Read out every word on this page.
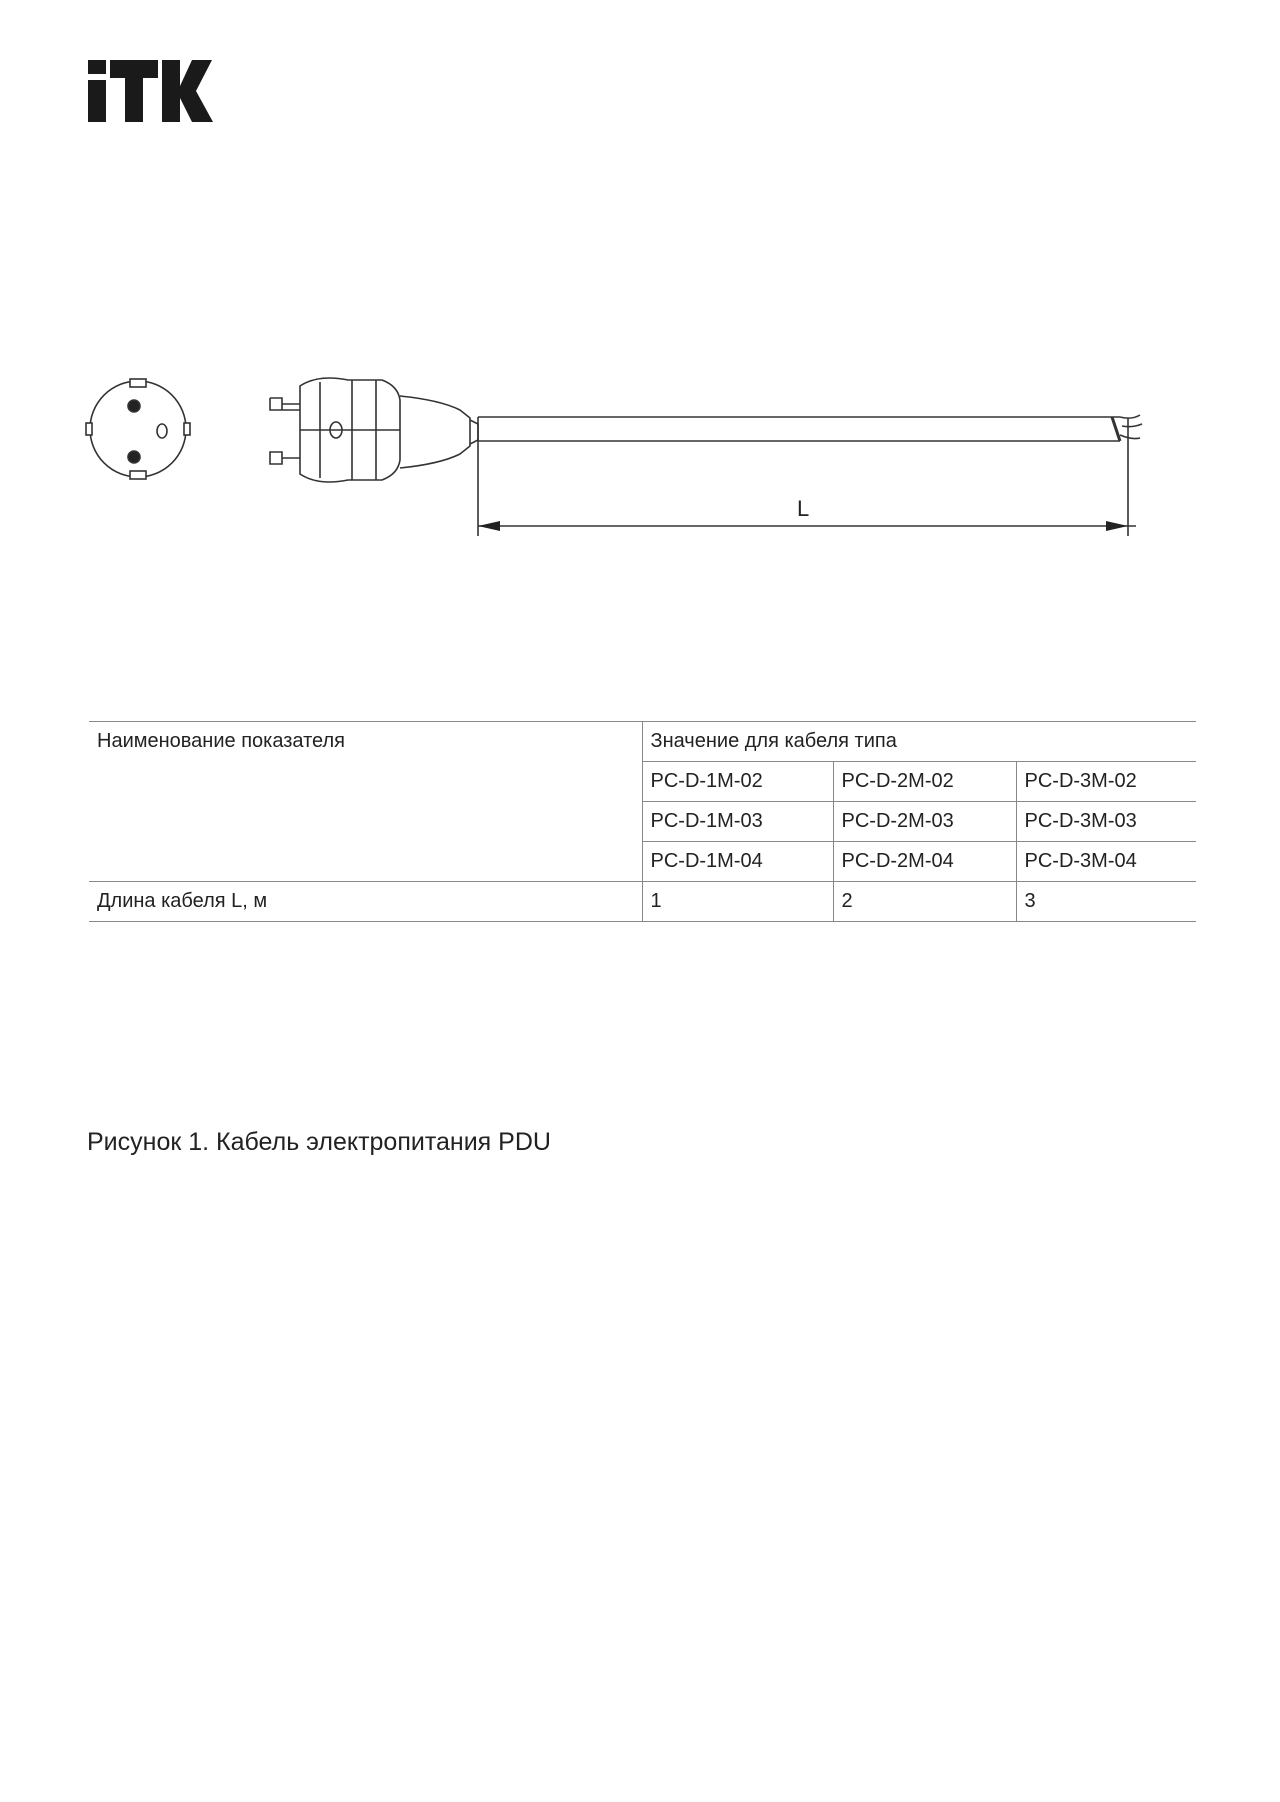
L
Наименование показателя	Значение для кабеля типа		
	PC-D-1M-02	PC-D-2M-02	PC-D-3M-02
	PC-D-1M-03	PC-D-2M-03	PC-D-3M-03
	PC-D-1M-04	PC-D-2M-04	PC-D-3M-04
Длина кабеля L, м	1	2	3
Рисунок 1. Кабель электропитания PDU
